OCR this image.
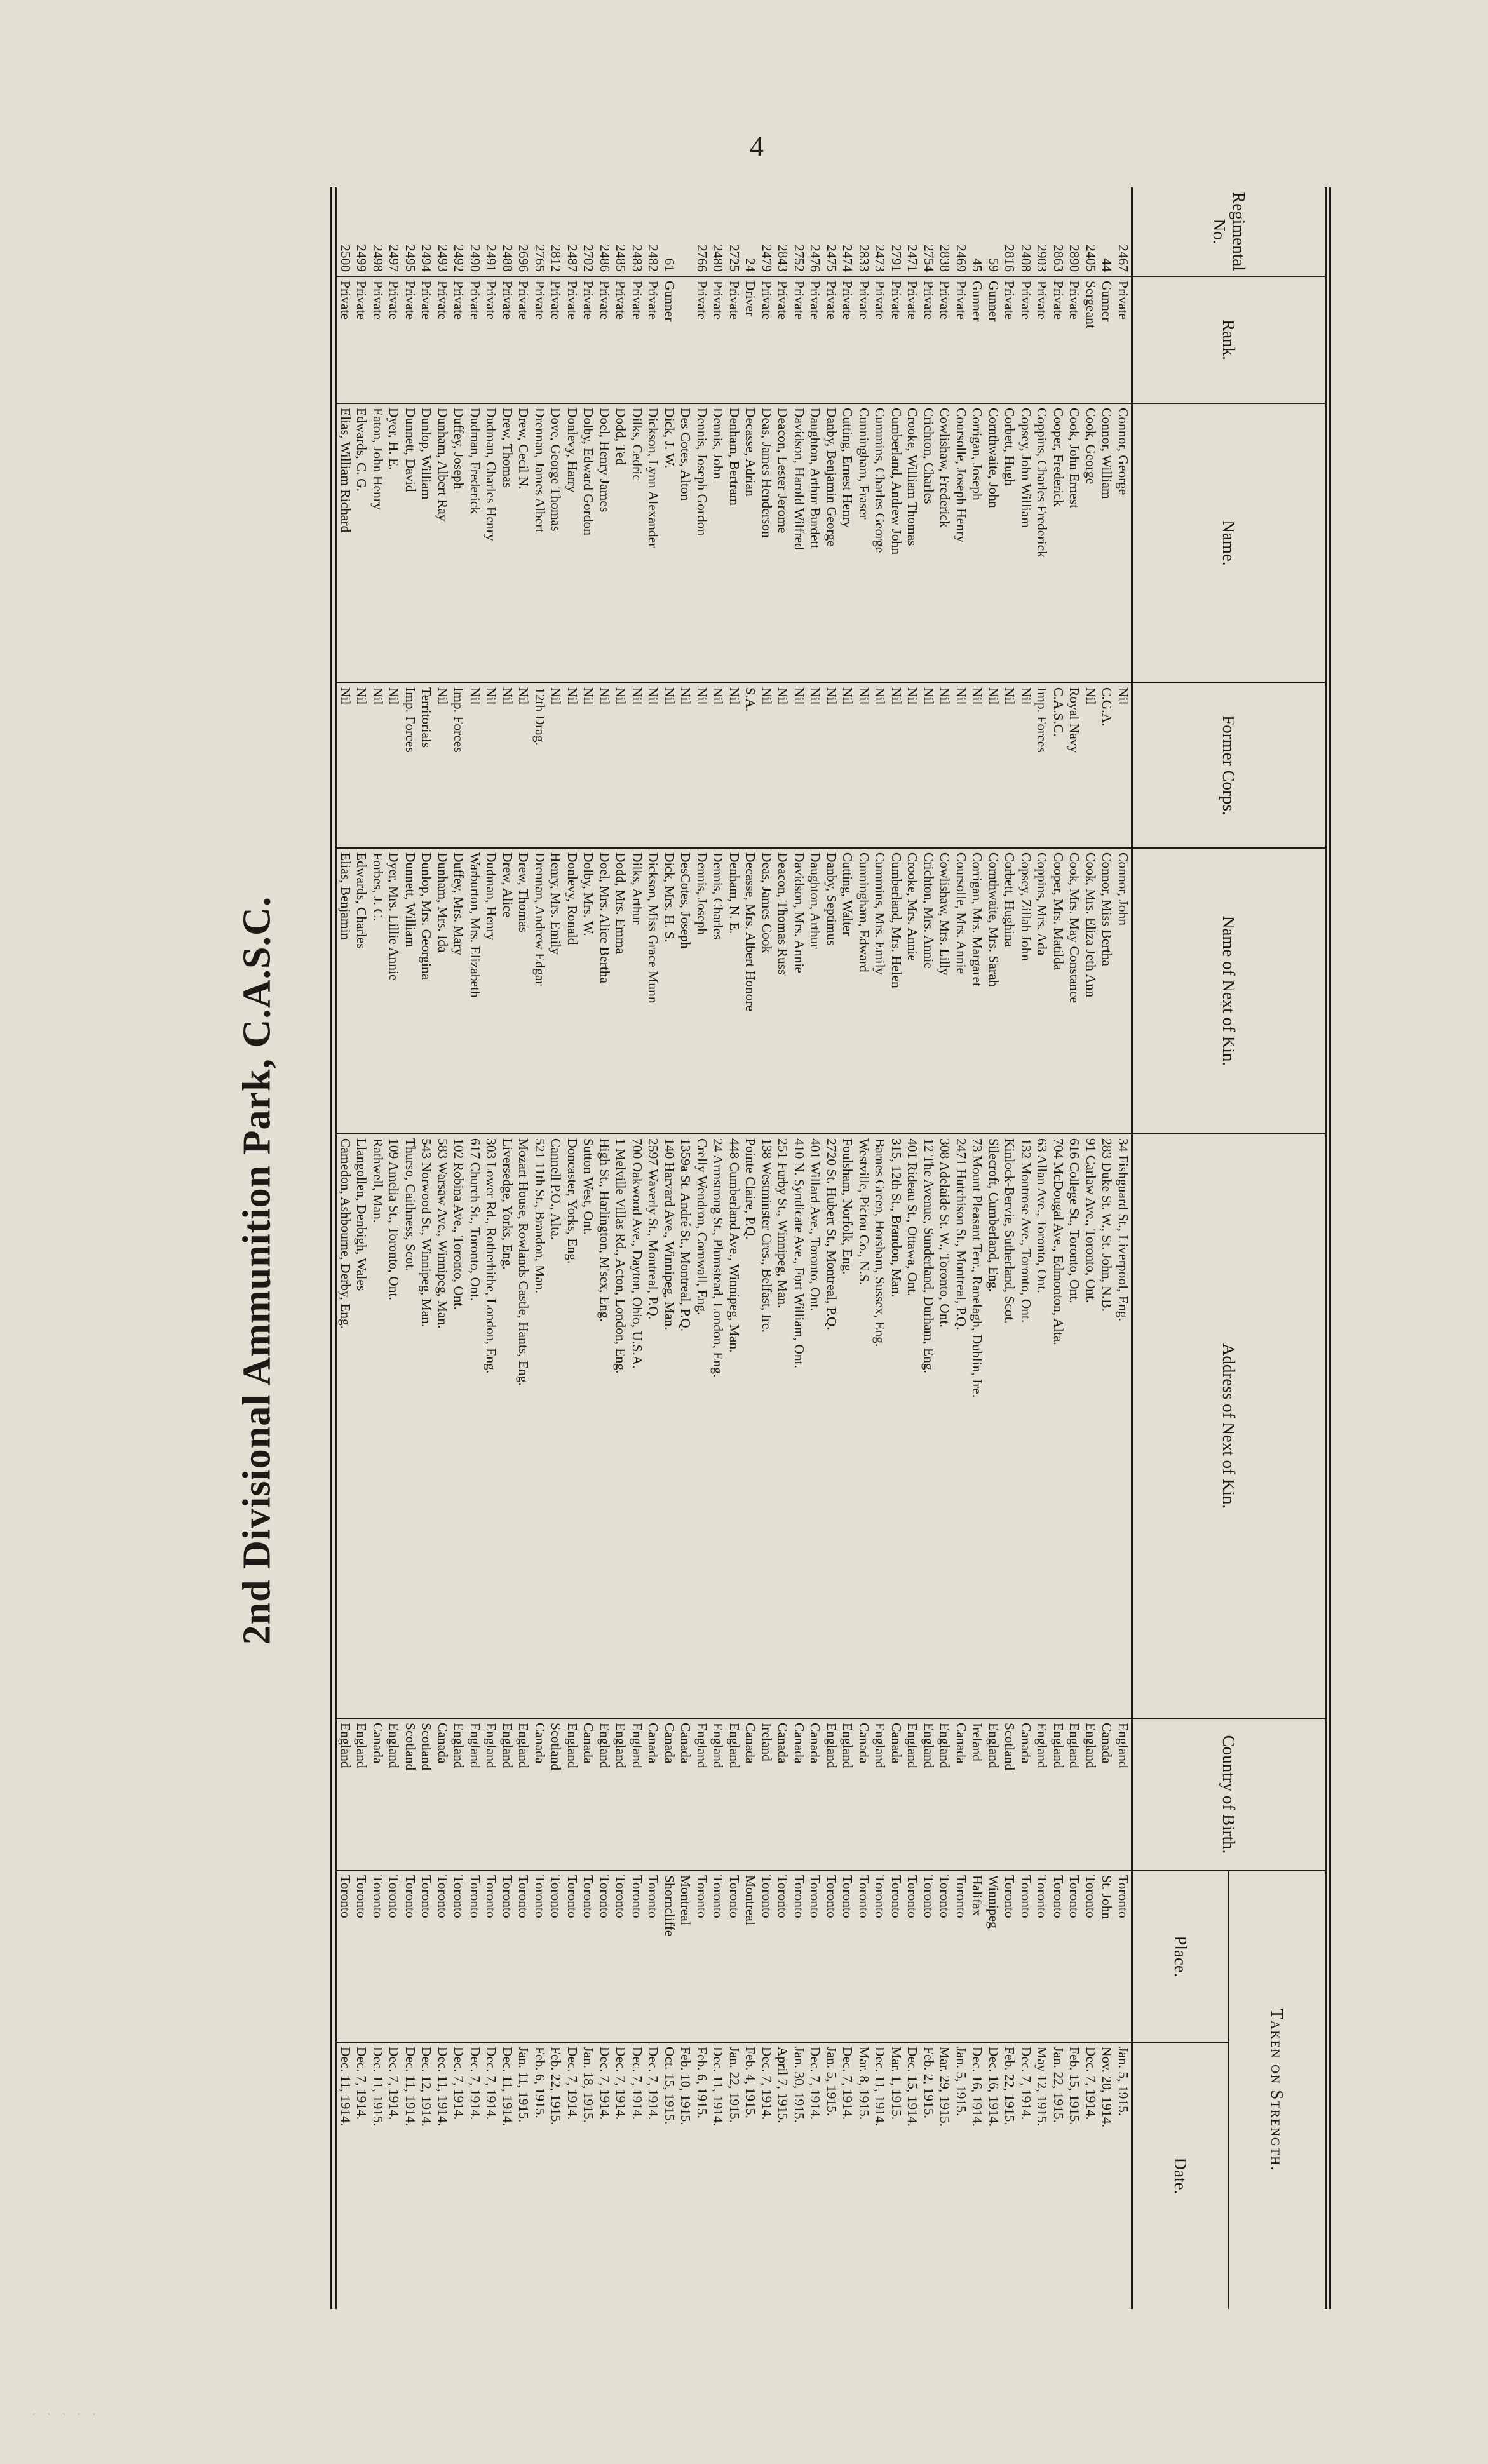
4
2nd Divisional Ammunition Park, C.A.S.C.
Regimental No.	Rank.	Name.	Former Corps.	Name of Next of Kin.	Address of Next of Kin.	Country of Birth.	Taken on Strength.	
							Place.	Date.
2467	Private	Connor, George	Nil	Connor, John	34 Fishguard St., Liverpool, Eng.	England	Toronto	Jan. 5, 1915.
44	Gunner	Connor, William	C.G.A.	Connor, Miss Bertha	283 Duke St. W., St. John, N.B.	Canada	St. John	Nov. 20, 1914.
2405	Sergeant	Cook, George	Nil	Cook, Mrs. Eliza Jeth Ann	91 Carlaw Ave., Toronto, Ont.	England	Toronto	Dec. 7, 1914.
2890	Private	Cook, John Ernest	Royal Navy	Cook, Mrs. May Constance	616 College St., Toronto, Ont.	England	Toronto	Feb. 15, 1915.
2863	Private	Cooper, Frederick	C.A.S.C.	Cooper, Mrs. Matilda	704 McDougal Ave., Edmonton, Alta.	England	Toronto	Jan. 22, 1915.
2903	Private	Coppins, Charles Frederick	Imp. Forces	Coppins, Mrs. Ada	63 Allan Ave., Toronto, Ont.	England	Toronto	May 12, 1915.
2408	Private	Copsey, John William	Nil	Copsey, Zillah John	132 Montrose Ave., Toronto, Ont.	Canada	Toronto	Dec. 7, 1914.
2816	Private	Corbett, Hugh	Nil	Corbett, Hughina	Kinlock-Bervie, Sutherland, Scot.	Scotland	Toronto	Feb. 22, 1915.
59	Gunner	Cornthwaite, John	Nil	Cornthwaite, Mrs. Sarah	Silecroft, Cumberland, Eng.	England	Winnipeg	Dec. 16, 1914.
45	Gunner	Corrigan, Joseph	Nil	Corrigan, Mrs. Margaret	73 Mount Pleasant Terr., Ranelagh, Dublin, Ire.	Ireland	Halifax	Dec. 16, 1914.
2469	Private	Coursolle, Joseph Henry	Nil	Coursolle, Mrs. Annie	2471 Hutchison St., Montreal, P.Q.	Canada	Toronto	Jan. 5, 1915.
2838	Private	Cowlishaw, Frederick	Nil	Cowlishaw, Mrs. Lilly	308 Adelaide St. W., Toronto, Ont.	England	Toronto	Mar. 29, 1915.
2754	Private	Crichton, Charles	Nil	Crichton, Mrs. Annie	12 The Avenue, Sunderland, Durham, Eng.	England	Toronto	Feb. 2, 1915.
2471	Private	Crooke, William Thomas	Nil	Crooke, Mrs. Annie	401 Rideau St., Ottawa, Ont.	England	Toronto	Dec. 15, 1914.
2791	Private	Cumberland, Andrew John	Nil	Cumberland, Mrs. Helen	315, 12th St., Brandon, Man.	Canada	Toronto	Mar. 1, 1915.
2473	Private	Cummins, Charles George	Nil	Cummins, Mrs. Emily	Barnes Green, Horsham, Sussex, Eng.	England	Toronto	Dec. 11, 1914.
2833	Private	Cunningham, Fraser	Nil	Cunningham, Edward	Westville, Pictou Co., N.S.	Canada	Toronto	Mar. 8, 1915.
2474	Private	Cutting, Ernest Henry	Nil	Cutting, Walter	Foulsham, Norfolk, Eng.	England	Toronto	Dec. 7, 1914.
2475	Private	Danby, Benjamin George	Nil	Danby, Septimus	2720 St. Hubert St., Montreal, P.Q.	England	Toronto	Jan. 5, 1915.
2476	Private	Daughton, Arthur Burdett	Nil	Daughton, Arthur	401 Willard Ave., Toronto, Ont.	Canada	Toronto	Dec. 7, 1914.
2752	Private	Davidson, Harold Wilfred	Nil	Davidson, Mrs. Annie	410 N. Syndicate Ave., Fort William, Ont.	Canada	Toronto	Jan. 30, 1915.
2843	Private	Deacon, Lester Jerome	Nil	Deacon, Thomas Russ	251 Furby St., Winnipeg, Man.	Canada	Toronto	April 7, 1915.
2479	Private	Deas, James Henderson	Nil	Deas, James Cook	138 Westminster Cres., Belfast, Ire.	Ireland	Toronto	Dec. 7, 1914.
24	Driver	Decasse, Adrian	S.A.	Decasse, Mrs. Albert Honore	Pointe Claire, P.Q.	Canada	Montreal	Feb. 4, 1915.
2725	Private	Denham, Bertram	Nil	Denham, N. E.	448 Cumberland Ave., Winnipeg, Man.	England	Toronto	Jan. 22, 1915.
2480	Private	Dennis, John	Nil	Dennis, Charles	24 Armstrong St., Plumstead, London, Eng.	England	Toronto	Dec. 11, 1914.
2766	Private	Dennis, Joseph Gordon	Nil	Dennis, Joseph	Crelly Wendron, Cornwall, Eng.	England	Toronto	Feb. 6, 1915.
		Des Cotes, Alton	Nil	DesCotes, Joseph	1359a St. André St., Montreal, P.Q.	Canada	Montreal	Feb. 10, 1915.
61	Gunner	Dick, J. W.	Nil	Dick, Mrs. H. S.	140 Harvard Ave., Winnipeg, Man.	Canada	Shorncliffe	Oct. 15, 1915.
2482	Private	Dickson, Lynn Alexander	Nil	Dickson, Miss Grace Munn	2597 Waverly St., Montreal, P.Q.	Canada	Toronto	Dec. 7, 1914.
2483	Private	Dilks, Cedric	Nil	Dilks, Arthur	700 Oakwood Ave., Dayton, Ohio, U.S.A.	England	Toronto	Dec. 7, 1914.
2485	Private	Dodd, Ted	Nil	Dodd, Mrs. Emma	1 Melville Villas Rd., Acton, London, Eng.	England	Toronto	Dec. 7, 1914.
2486	Private	Doel, Henry James	Nil	Doel, Mrs. Alice Bertha	High St., Harlington, M'sex, Eng.	England	Toronto	Dec. 7, 1914.
2702	Private	Dolby, Edward Gordon	Nil	Dolby, Mrs. W.	Sutton West, Ont.	Canada	Toronto	Jan. 18, 1915.
2487	Private	Donlevy, Harry	Nil	Donlevy, Ronald	Doncaster, Yorks, Eng.	England	Toronto	Dec. 7, 1914.
2812	Private	Dove, George Thomas	Nil	Henry, Mrs. Emily	Cannell P.O., Alta.	Scotland	Toronto	Feb. 22, 1915.
2765	Private	Drennan, James Albert	12th Drag.	Drennan, Andrew Edgar	521 11th St., Brandon, Man.	Canada	Toronto	Feb. 6, 1915.
2696	Private	Drew, Cecil N.	Nil	Drew, Thomas	Mozart House, Rowlands Castle, Hants, Eng.	England	Toronto	Jan. 11, 1915.
2488	Private	Drew, Thomas	Nil	Drew, Alice	Liversedge, Yorks, Eng.	England	Toronto	Dec. 11, 1914.
2491	Private	Dudman, Charles Henry	Nil	Dudman, Henry	303 Lower Rd., Rotherhithe, London, Eng.	England	Toronto	Dec. 7, 1914.
2490	Private	Dudman, Frederick	Nil	Warburton, Mrs. Elizabeth	617 Church St., Toronto, Ont.	England	Toronto	Dec. 7, 1914.
2492	Private	Duffey, Joseph	Imp. Forces	Duffey, Mrs. Mary	102 Robina Ave., Toronto, Ont.	England	Toronto	Dec. 7, 1914.
2493	Private	Dunham, Albert Ray	Nil	Dunham, Mrs. Ida	583 Warsaw Ave., Winnipeg, Man.	Canada	Toronto	Dec. 11, 1914.
2494	Private	Dunlop, William	Territorials	Dunlop, Mrs. Georgina	543 Norwood St., Winnipeg, Man.	Scotland	Toronto	Dec. 12, 1914.
2495	Private	Dunnett, David	Imp. Forces	Dunnett, William	Thurso, Caithness, Scot.	Scotland	Toronto	Dec. 11, 1914.
2497	Private	Dyer, H. E.	Nil	Dyer, Mrs. Lillie Annie	109 Amelia St., Toronto, Ont.	England	Toronto	Dec. 7, 1914.
2498	Private	Eaton, John Henry	Nil	Forbes, J. C.	Rathwell, Man.	Canada	Toronto	Dec. 11, 1915.
2499	Private	Edwards, C. G.	Nil	Edwards, Charles	Llangollen, Denbigh, Wales	England	Toronto	Dec. 7, 1914.
2500	Private	Elias, William Richard	Nil	Elias, Benjamin	Camedon, Ashbourne, Derby, Eng.	England	Toronto	Dec. 11, 1914.
· · · · ·
